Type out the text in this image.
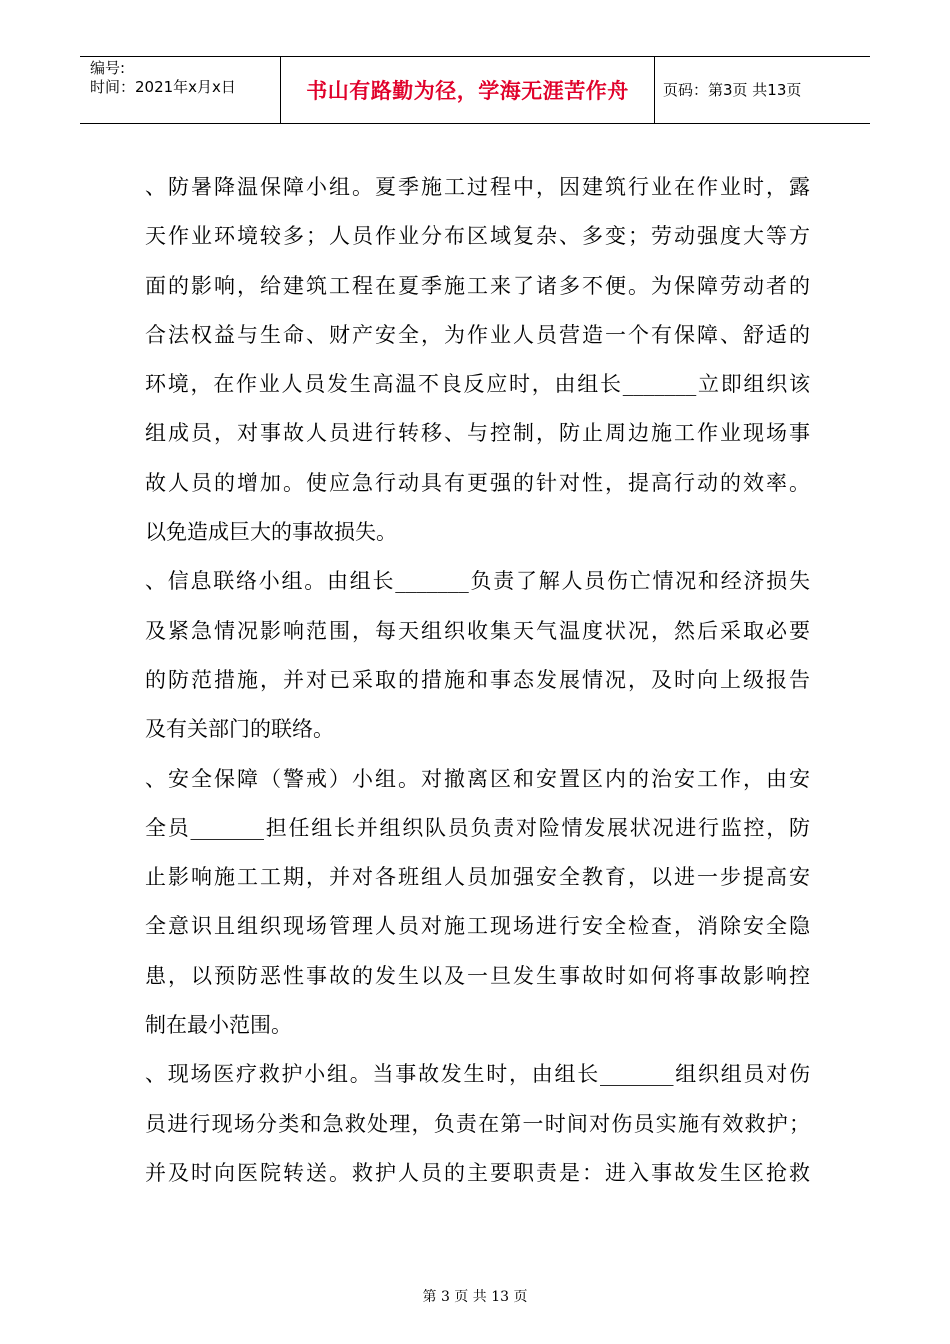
编号:
时间：2021年x月x日	书山有路勤为径，学海无涯苦作舟	页码：第3页 共13页
、防暑降温保障小组。夏季施工过程中，因建筑行业在作业时，露
天作业环境较多；人员作业分布区域复杂、多变；劳动强度大等方
面的影响，给建筑工程在夏季施工来了诸多不便。为保障劳动者的
合法权益与生命、财产安全，为作业人员营造一个有保障、舒适的
环境，在作业人员发生高温不良反应时，由组长_______立即组织该
组成员，对事故人员进行转移、与控制，防止周边施工作业现场事
故人员的增加。使应急行动具有更强的针对性，提高行动的效率。
以免造成巨大的事故损失。
、信息联络小组。由组长_______负责了解人员伤亡情况和经济损失
及紧急情况影响范围，每天组织收集天气温度状况，然后采取必要
的防范措施，并对已采取的措施和事态发展情况，及时向上级报告
及有关部门的联络。
、安全保障（警戒）小组。对撤离区和安置区内的治安工作，由安
全员_______担任组长并组织队员负责对险情发展状况进行监控，防
止影响施工工期，并对各班组人员加强安全教育，以进一步提高安
全意识且组织现场管理人员对施工现场进行安全检查，消除安全隐
患，以预防恶性事故的发生以及一旦发生事故时如何将事故影响控
制在最小范围。
、现场医疗救护小组。当事故发生时，由组长_______组织组员对伤
员进行现场分类和急救处理，负责在第一时间对伤员实施有效救护；
并及时向医院转送。救护人员的主要职责是：进入事故发生区抢救
第 3 页 共 13 页
